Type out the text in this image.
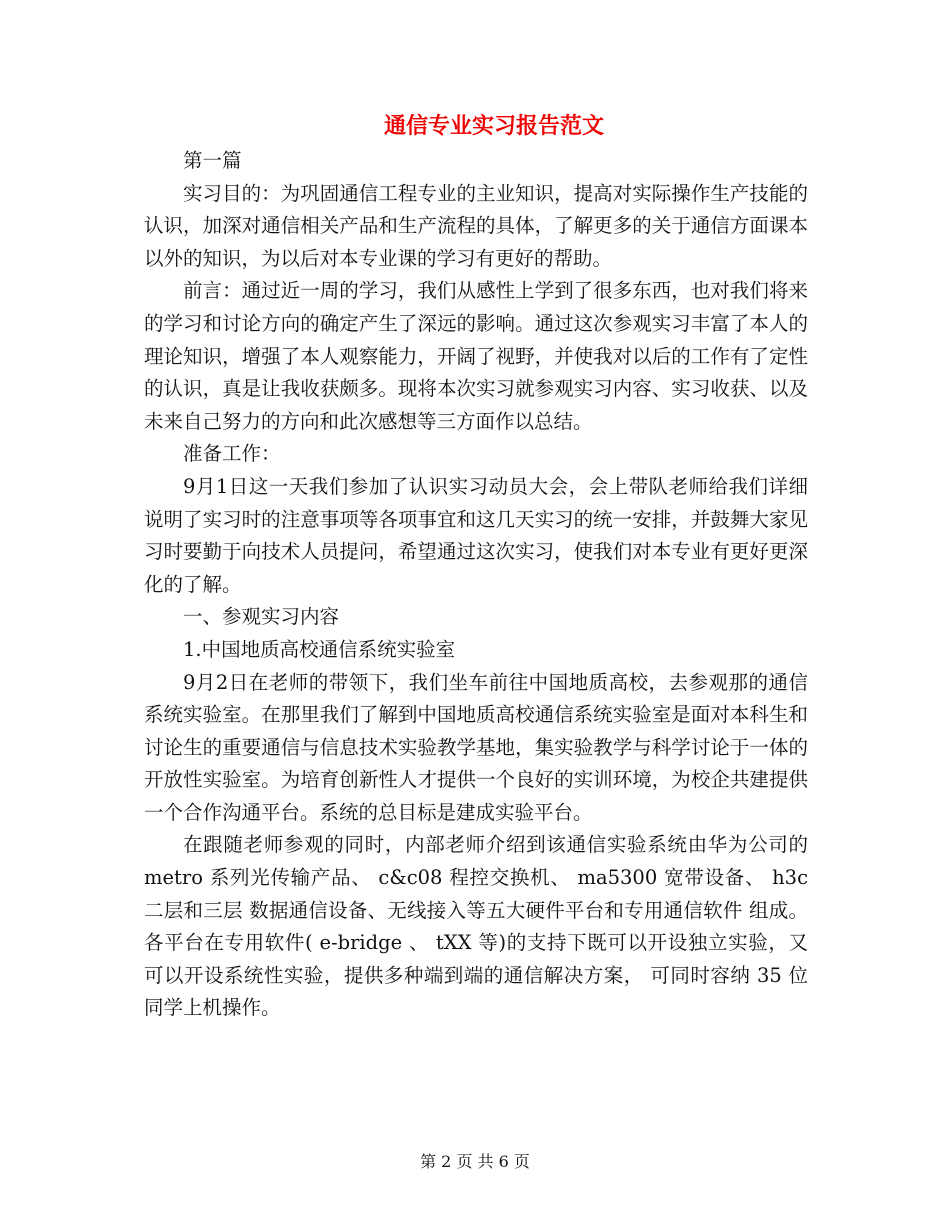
通信专业实习报告范文

第一篇

实习目的：为巩固通信工程专业的主业知识，提高对实际操作生产技能的认识，加深对通信相关产品和生产流程的具体，了解更多的关于通信方面课本以外的知识，为以后对本专业课的学习有更好的帮助。

前言：通过近一周的学习，我们从感性上学到了很多东西，也对我们将来的学习和讨论方向的确定产生了深远的影响。通过这次参观实习丰富了本人的理论知识，增强了本人观察能力，开阔了视野，并使我对以后的工作有了定性的认识，真是让我收获颇多。现将本次实习就参观实习内容、实习收获、以及未来自己努力的方向和此次感想等三方面作以总结。

准备工作：

9月1日这一天我们参加了认识实习动员大会，会上带队老师给我们详细说明了实习时的注意事项等各项事宜和这几天实习的统一安排，并鼓舞大家见习时要勤于向技术人员提问，希望通过这次实习，使我们对本专业有更好更深化的了解。

一、参观实习内容

1.中国地质高校通信系统实验室

9月2日在老师的带领下，我们坐车前往中国地质高校，去参观那的通信系统实验室。在那里我们了解到中国地质高校通信系统实验室是面对本科生和讨论生的重要通信与信息技术实验教学基地，集实验教学与科学讨论于一体的开放性实验室。为培育创新性人才提供一个良好的实训环境，为校企共建提供一个合作沟通平台。系统的总目标是建成实验平台。

在跟随老师参观的同时，内部老师介绍到该通信实验系统由华为公司的 metro 系列光传输产品、 c&c08 程控交换机、 ma5300 宽带设备、 h3c 二层和三层 数据通信设备、无线接入等五大硬件平台和专用通信软件 组成。 各平台在专用软件( e-bridge 、 tXX 等)的支持下既可以开设独立实验，又可以开设系统性实验，提供多种端到端的通信解决方案， 可同时容纳 35 位同学上机操作。

第 2 页 共 6 页
